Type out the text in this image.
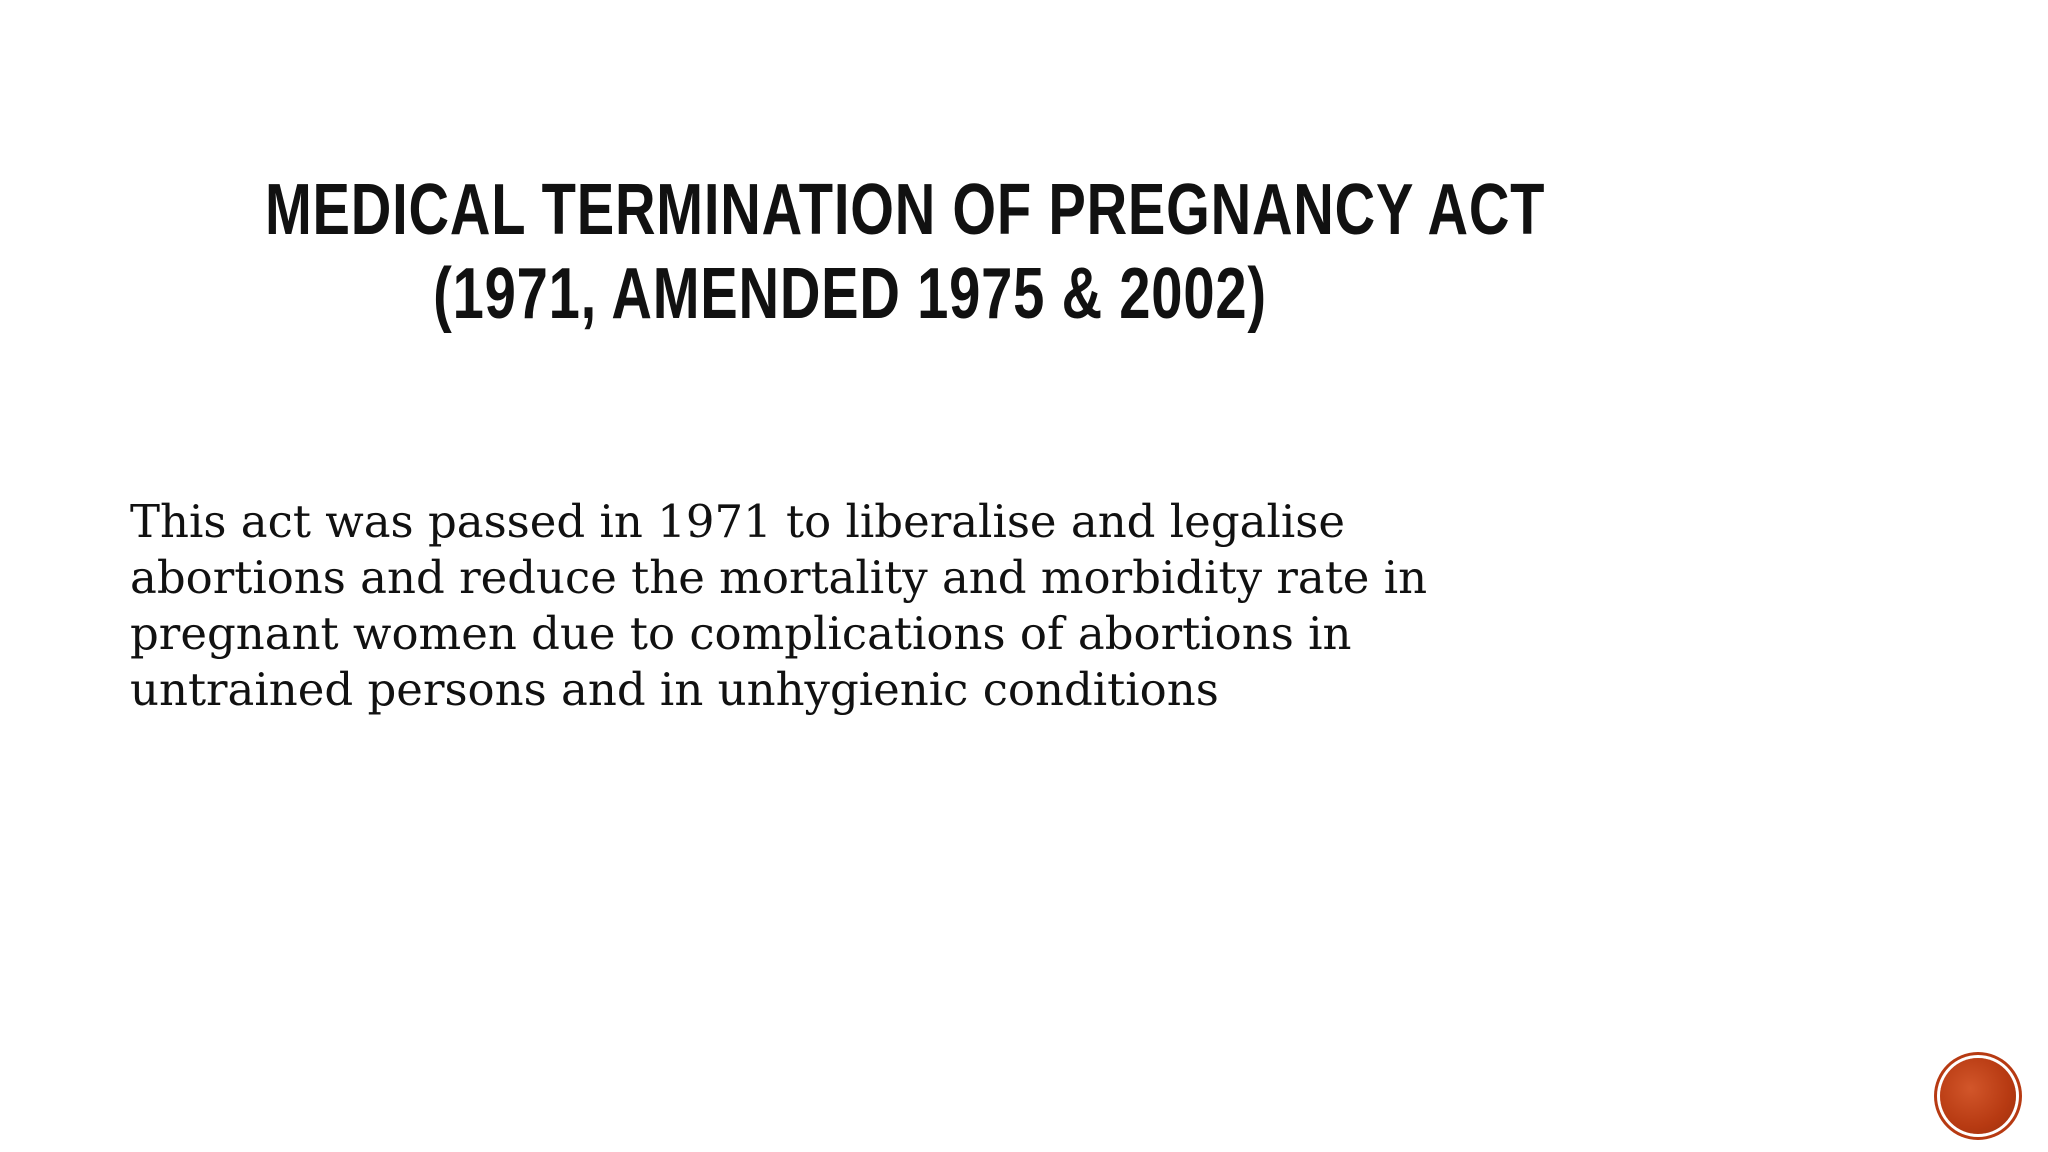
MEDICAL TERMINATION OF PREGNANCY ACT
(1971, AMENDED 1975 & 2002)
This act was passed in 1971 to liberalise and legalise abortions and reduce the mortality and morbidity rate in pregnant women due to complications of abortions in untrained persons and in unhygienic conditions
